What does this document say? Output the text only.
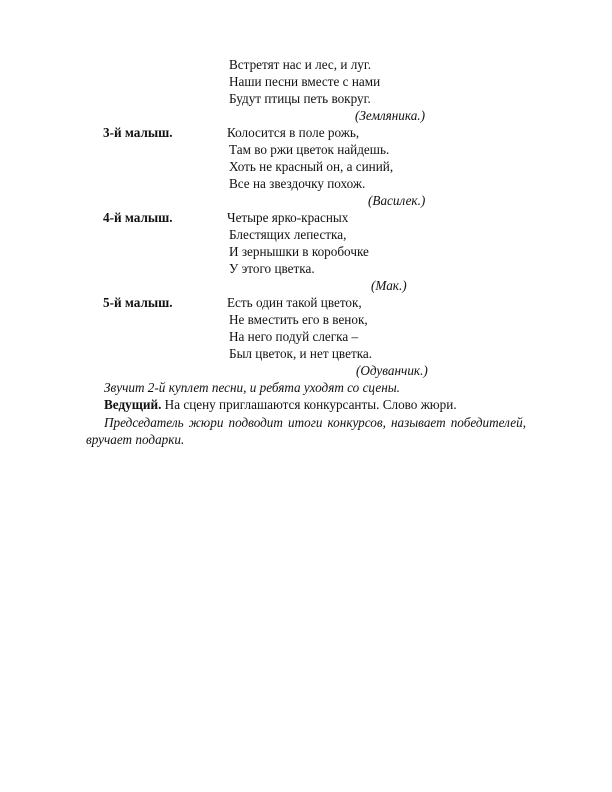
Встретят нас и лес, и луг.
Наши песни вместе с нами
Будут птицы петь вокруг.
(Земляника.)
3-й малыш.	Колосится в поле рожь,
Там во ржи цветок найдешь.
Хоть не красный он, а синий,
Все на звездочку похож.
(Василек.)
4-й малыш.	Четыре ярко-красных
Блестящих лепестка,
И зернышки в коробочке
У этого цветка.
(Мак.)
5-й малыш.	Есть один такой цветок,
Не вместить его в венок,
На него подуй слегка –
Был цветок, и нет цветка.
(Одуванчик.)
Звучит 2-й куплет песни, и ребята уходят со сцены.
Ведущий. На сцену приглашаются конкурсанты. Слово жюри.
Председатель жюри подводит итоги конкурсов, называет победителей, вручает подарки.
